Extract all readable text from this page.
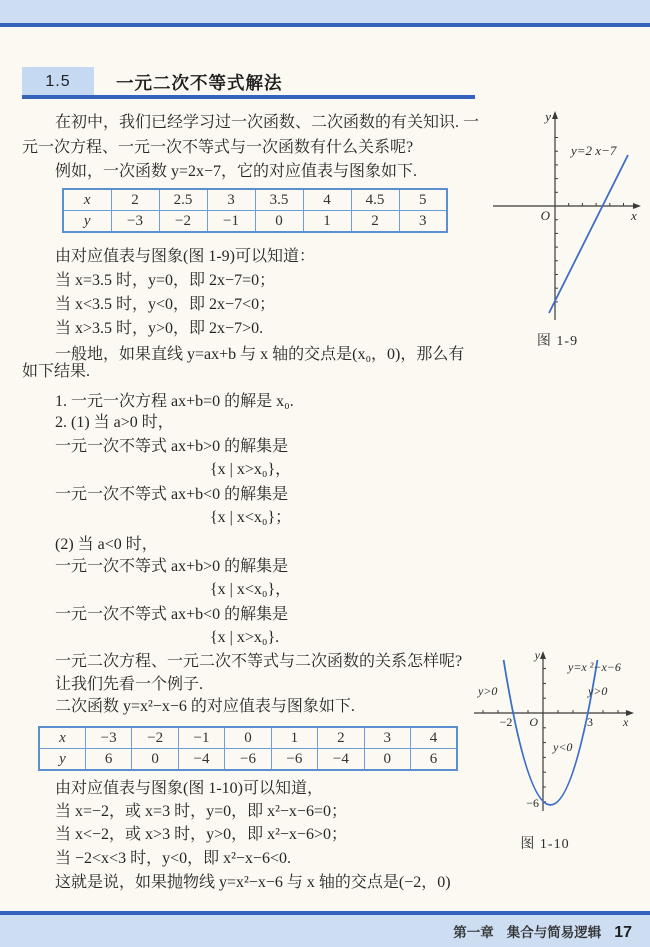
1.5	一元二次不等式解法
在初中，我们已经学习过一次函数、二次函数的有关知识. 一
元一次方程、一元一次不等式与一次函数有什么关系呢?
例如，一次函数 y=2x−7，它的对应值表与图象如下.
x	2	2.5	3	3.5	4	4.5	5
y	−3	−2	−1	0	1	2	3
由对应值表与图象(图 1-9)可以知道：
当 x=3.5 时，y=0，即 2x−7=0；
当 x<3.5 时，y<0，即 2x−7<0；
当 x>3.5 时，y>0，即 2x−7>0.
一般地，如果直线 y=ax+b 与 x 轴的交点是(x₀，0)，那么有
如下结果.
1. 一元一次方程 ax+b=0 的解是 x₀.
2. (1) 当 a>0 时，
一元一次不等式 ax+b>0 的解集是
{x | x>x₀}，
一元一次不等式 ax+b<0 的解集是
{x | x<x₀}；
(2) 当 a<0 时，
一元一次不等式 ax+b>0 的解集是
{x | x<x₀}，
一元一次不等式 ax+b<0 的解集是
{x | x>x₀}.
一元二次方程、一元二次不等式与二次函数的关系怎样呢?
让我们先看一个例子.
二次函数 y=x²−x−6 的对应值表与图象如下.
x	−3	−2	−1	0	1	2	3	4
y	6	0	−4	−6	−6	−4	0	6
由对应值表与图象(图 1-10)可以知道，
当 x=−2，或 x=3 时，y=0，即 x²−x−6=0；
当 x<−2，或 x>3 时，y>0，即 x²−x−6>0；
当 −2<x<3 时，y<0，即 x²−x−6<0.
这就是说，如果抛物线 y=x²−x−6 与 x 轴的交点是(−2，0)
y
x
O
y=2 x−7
图 1-9
y
x
O
−2	3
−6
y>0	y>0
y<0
y=x ²−x−6
图 1-10
第一章 集合与简易逻辑 17
